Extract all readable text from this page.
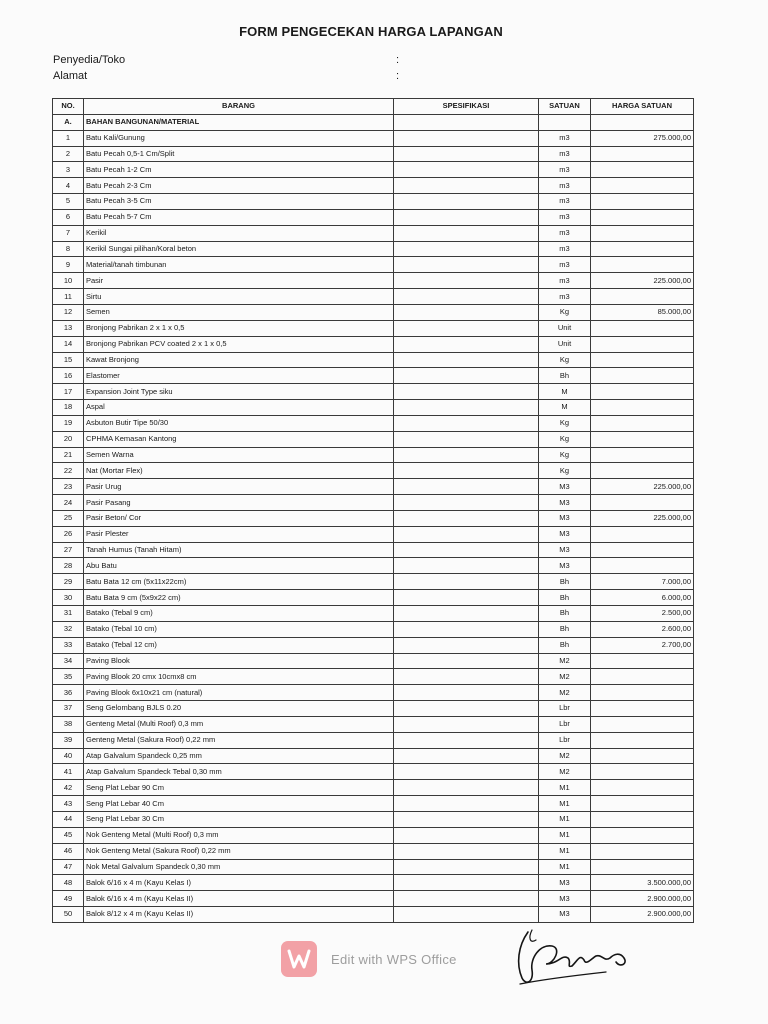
FORM PENGECEKAN HARGA LAPANGAN
Penyedia/Toko	:
Alamat	:
NO.	BARANG	SPESIFIKASI	SATUAN	HARGA SATUAN
A.	BAHAN BANGUNAN/MATERIAL			
1	Batu Kali/Gunung		m3	275.000,00
2	Batu Pecah 0,5-1 Cm/Split		m3	
3	Batu Pecah 1-2 Cm		m3	
4	Batu Pecah 2-3 Cm		m3	
5	Batu Pecah 3-5 Cm		m3	
6	Batu Pecah 5-7 Cm		m3	
7	Kerikil		m3	
8	Kerikil Sungai pilihan/Koral beton		m3	
9	Material/tanah timbunan		m3	
10	Pasir		m3	225.000,00
11	Sirtu		m3	
12	Semen		Kg	85.000,00
13	Bronjong Pabrikan 2 x 1 x 0,5		Unit	
14	Bronjong Pabrikan PCV coated 2 x 1 x 0,5		Unit	
15	Kawat Bronjong		Kg	
16	Elastomer		Bh	
17	Expansion Joint Type siku		M	
18	Aspal		M	
19	Asbuton Butir Tipe 50/30		Kg	
20	CPHMA Kemasan Kantong		Kg	
21	Semen Warna		Kg	
22	Nat (Mortar Flex)		Kg	
23	Pasir Urug		M3	225.000,00
24	Pasir Pasang		M3	
25	Pasir Beton/ Cor		M3	225.000,00
26	Pasir Plester		M3	
27	Tanah Humus (Tanah Hitam)		M3	
28	Abu Batu		M3	
29	Batu Bata 12 cm (5x11x22cm)		Bh	7.000,00
30	Batu Bata 9 cm (5x9x22 cm)		Bh	6.000,00
31	Batako (Tebal 9 cm)		Bh	2.500,00
32	Batako (Tebal 10 cm)		Bh	2.600,00
33	Batako (Tebal 12 cm)		Bh	2.700,00
34	Paving Blook		M2	
35	Paving Blook 20 cmx 10cmx8 cm		M2	
36	Paving Blook 6x10x21 cm (natural)		M2	
37	Seng Gelombang BJLS 0.20		Lbr	
38	Genteng Metal (Multi Roof) 0,3 mm		Lbr	
39	Genteng Metal (Sakura Roof) 0,22 mm		Lbr	
40	Atap Galvalum Spandeck 0,25 mm		M2	
41	Atap Galvalum Spandeck Tebal 0,30 mm		M2	
42	Seng Plat Lebar 90 Cm		M1	
43	Seng Plat Lebar 40 Cm		M1	
44	Seng Plat Lebar 30 Cm		M1	
45	Nok Genteng Metal (Multi Roof) 0,3 mm		M1	
46	Nok Genteng Metal (Sakura Roof) 0,22 mm		M1	
47	Nok Metal Galvalum Spandeck 0,30 mm		M1	
48	Balok 6/16 x 4 m (Kayu Kelas I)		M3	3.500.000,00
49	Balok 6/16 x 4 m (Kayu Kelas II)		M3	2.900.000,00
50	Balok 8/12 x 4 m (Kayu Kelas II)		M3	2.900.000,00
Edit with WPS Office
